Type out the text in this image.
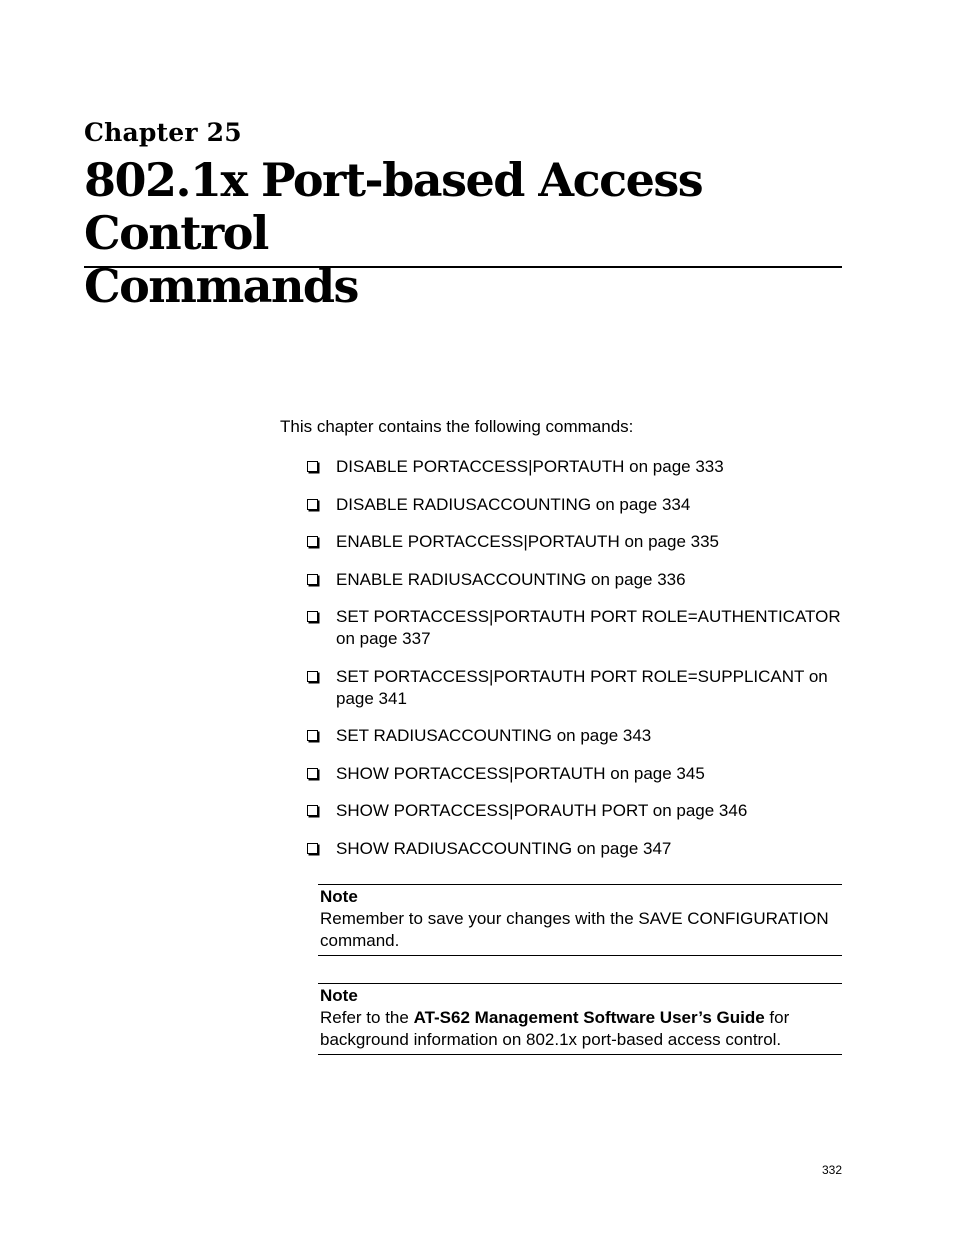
Chapter 25
802.1x Port-based Access Control
Commands

This chapter contains the following commands:

DISABLE PORTACCESS|PORTAUTH on page 333
DISABLE RADIUSACCOUNTING on page 334
ENABLE PORTACCESS|PORTAUTH on page 335
ENABLE RADIUSACCOUNTING on page 336
SET PORTACCESS|PORTAUTH PORT ROLE=AUTHENTICATOR on page 337
SET PORTACCESS|PORTAUTH PORT ROLE=SUPPLICANT on page 341
SET RADIUSACCOUNTING on page 343
SHOW PORTACCESS|PORTAUTH on page 345
SHOW PORTACCESS|PORAUTH PORT on page 346
SHOW RADIUSACCOUNTING on page 347
Note
Remember to save your changes with the SAVE CONFIGURATION command.
Note
Refer to the AT-S62 Management Software User’s Guide for background information on 802.1x port-based access control.
332
